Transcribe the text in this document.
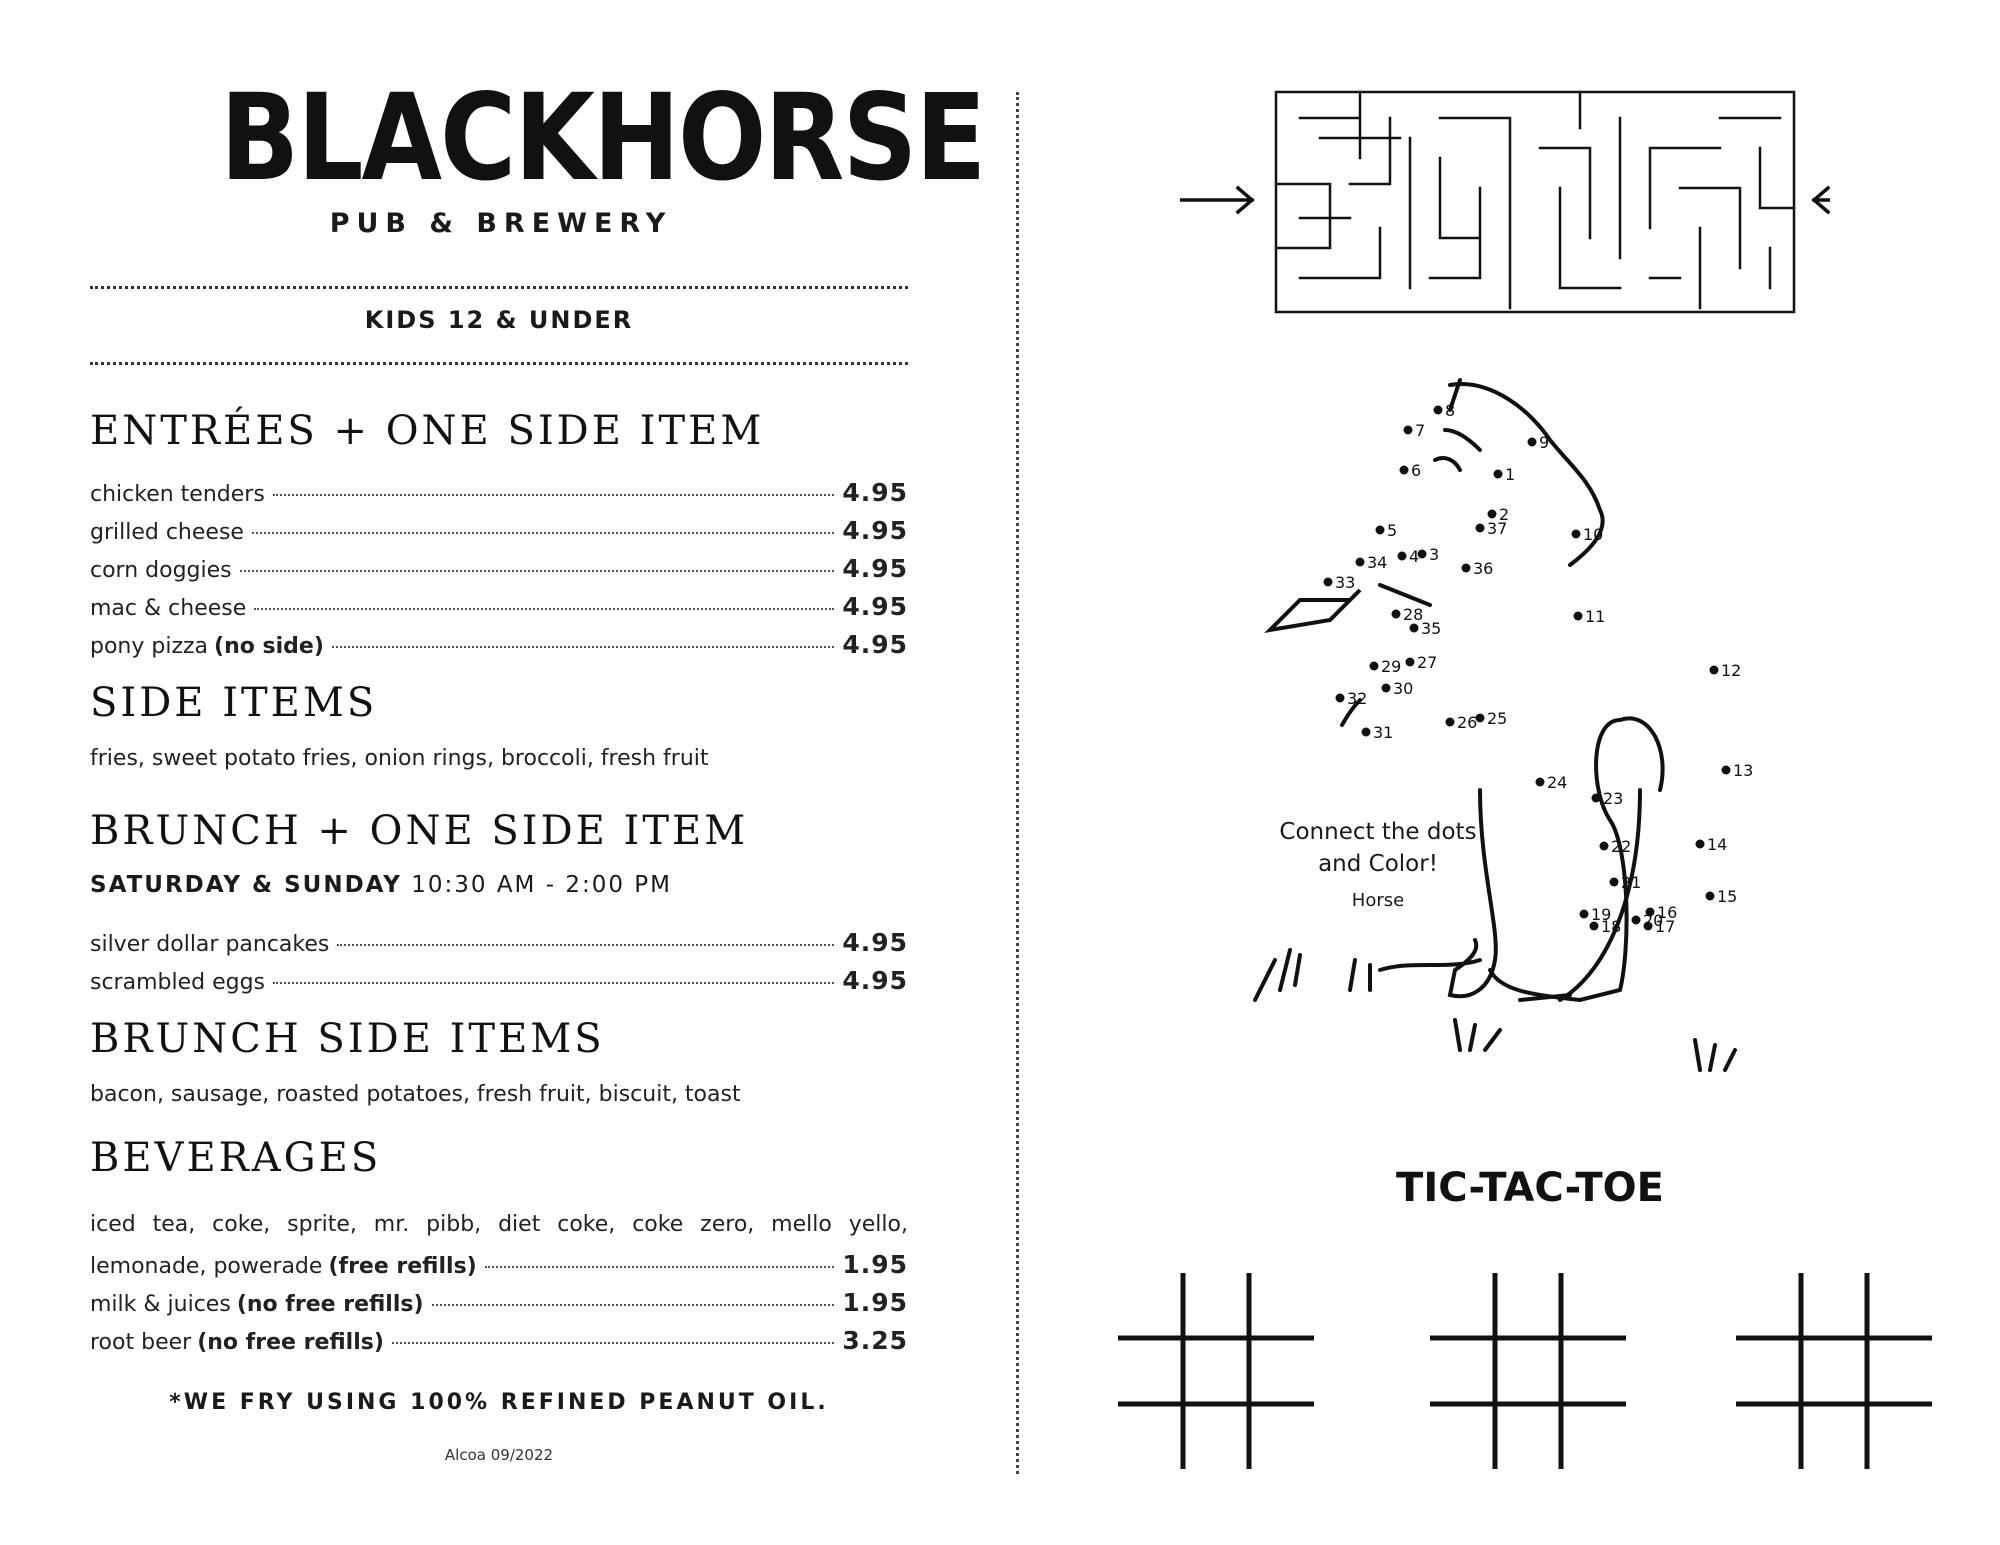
BLACKHORSE
PUB & BREWERY
KIDS 12 & UNDER
ENTRÉES + ONE SIDE ITEM
chicken tenders	4.95
grilled cheese	4.95
corn doggies	4.95
mac & cheese	4.95
pony pizza (no side)	4.95
SIDE ITEMS
fries, sweet potato fries, onion rings, broccoli, fresh fruit
BRUNCH + ONE SIDE ITEM
SATURDAY & SUNDAY 10:30 AM - 2:00 PM
silver dollar pancakes	4.95
scrambled eggs	4.95
BRUNCH SIDE ITEMS
bacon, sausage, roasted potatoes, fresh fruit, biscuit, toast
BEVERAGES
iced tea, coke, sprite, mr. pibb, diet coke, coke zero, mello yello,
lemonade, powerade (free refills)	1.95
milk & juices (no free refills)	1.95
root beer (no free refills)	3.25
*WE FRY USING 100% REFINED PEANUT OIL.
Alcoa 09/2022
1
2
3
4
5
6
7
8
9
10
11
12
13
14
15
16
17
18
19 20
21
22
23
24
25
26
27
28
29
30
31
32
33
34
35
36
37
Connect the dots
and Color!
Horse
TIC-TAC-TOE
